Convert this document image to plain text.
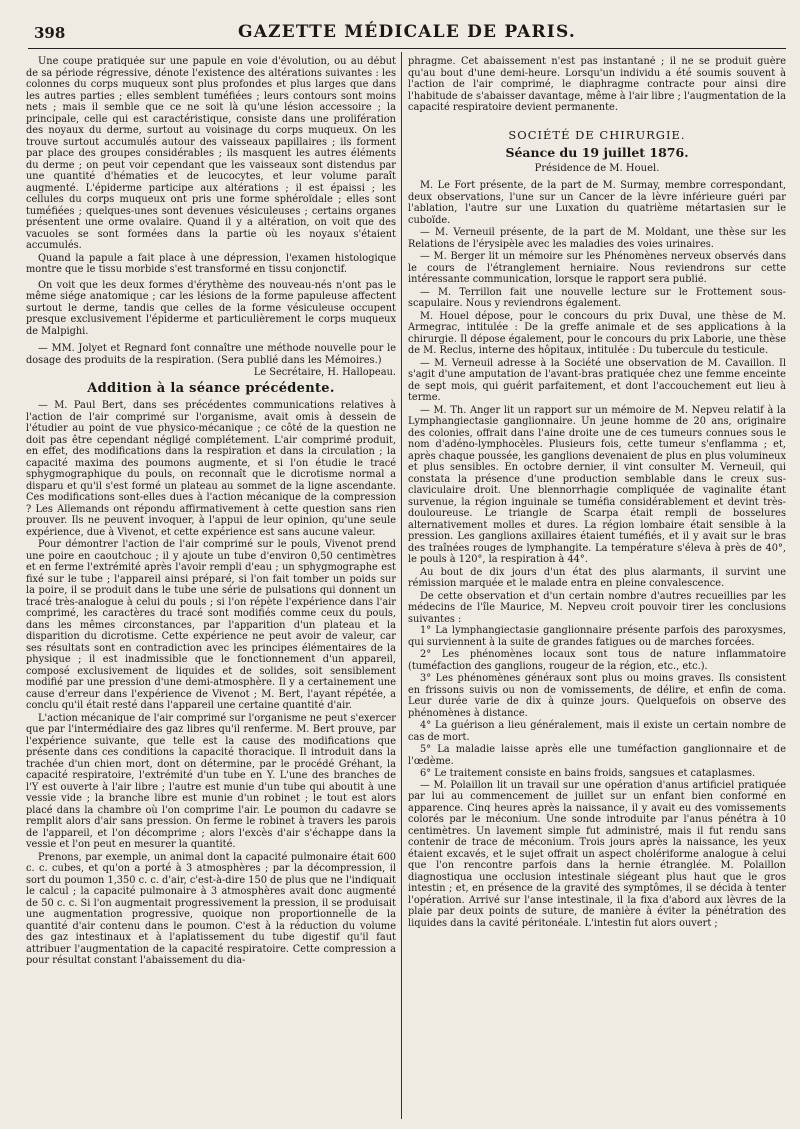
398	GAZETTE MÉDICALE DE PARIS.

Une coupe pratiquée sur une papule en voie d'évolution, ou au début de sa période régressive, dénote l'existence des altérations suivantes : les colonnes du corps muqueux sont plus profondes et plus larges que dans les autres parties ; elles semblent tuméfiées ; leurs contours sont moins nets ; mais il semble que ce ne soit là qu'une lésion accessoire ; la principale, celle qui est caractéristique, consiste dans une prolifération des noyaux du derme, surtout au voisinage du corps muqueux. On les trouve surtout accumulés autour des vaisseaux papillaires ; ils forment par place des groupes considérables ; ils masquent les autres éléments du derme ; on peut voir cependant que les vaisseaux sont distendus par une quantité d'hématies et de leucocytes, et leur volume paraît augmenté. L'épiderme participe aux altérations ; il est épaissi ; les cellules du corps muqueux ont pris une forme sphéroïdale ; elles sont tuméfiées ; quelques-unes sont devenues vésiculeuses ; certains organes présentent une orme ovalaire. Quand il y a altération, on voit que des vacuoles se sont formées dans la partie où les noyaux s'étaient accumulés.

Quand la papule a fait place à une dépression, l'examen histologique montre que le tissu morbide s'est transformé en tissu conjonctif.

On voit que les deux formes d'érythème des nouveau-nés n'ont pas le même siége anatomique ; car les lésions de la forme papuleuse affectent surtout le derme, tandis que celles de la forme vésiculeuse occupent presque exclusivement l'épiderme et particulièrement le corps muqueux de Malpighi.

— MM. Jolyet et Regnard font connaître une méthode nouvelle pour le dosage des produits de la respiration. (Sera publié dans les Mémoires.)

Le Secrétaire, H. Hallopeau.

Addition à la séance précédente.

— M. Paul Bert, dans ses précédentes communications relatives à l'action de l'air comprimé sur l'organisme, avait omis à dessein de l'étudier au point de vue physico-mécanique ; ce côté de la question ne doit pas être cependant négligé complétement. L'air comprimé produit, en effet, des modifications dans la respiration et dans la circulation ; la capacité maxima des poumons augmente, et si l'on étudie le tracé sphygmographique du pouls, on reconnaît que le dicrotisme normal a disparu et qu'il s'est formé un plateau au sommet de la ligne ascendante. Ces modifications sont-elles dues à l'action mécanique de la compression ? Les Allemands ont répondu affirmativement à cette question sans rien prouver. Ils ne peuvent invoquer, à l'appui de leur opinion, qu'une seule expérience, due à Vivenot, et cette expérience est sans aucune valeur.

Pour démontrer l'action de l'air comprimé sur le pouls, Vivenot prend une poire en caoutchouc ; il y ajoute un tube d'environ 0,50 centimètres et en ferme l'extrémité après l'avoir rempli d'eau ; un sphygmographe est fixé sur le tube ; l'appareil ainsi préparé, si l'on fait tomber un poids sur la poire, il se produit dans le tube une série de pulsations qui donnent un tracé très-analogue à celui du pouls ; si l'on répète l'expérience dans l'air comprimé, les caractères du tracé sont modifiés comme ceux du pouls, dans les mêmes circonstances, par l'apparition d'un plateau et la disparition du dicrotisme. Cette expérience ne peut avoir de valeur, car ses résultats sont en contradiction avec les principes élémentaires de la physique ; il est inadmissible que le fonctionnement d'un appareil, composé exclusivement de liquides et de solides, soit sensiblement modifié par une pression d'une demi-atmosphère. Il y a certainement une cause d'erreur dans l'expérience de Vivenot ; M. Bert, l'ayant répétée, a conclu qu'il était resté dans l'appareil une certaine quantité d'air.

L'action mécanique de l'air comprimé sur l'organisme ne peut s'exercer que par l'intermédiaire des gaz libres qu'il renferme. M. Bert prouve, par l'expérience suivante, que telle est la cause des modifications que présente dans ces conditions la capacité thoracique. Il introduit dans la trachée d'un chien mort, dont on détermine, par le procédé Gréhant, la capacité respiratoire, l'extrémité d'un tube en Y. L'une des branches de l'Y est ouverte à l'air libre ; l'autre est munie d'un tube qui aboutit à une vessie vide ; la branche libre est munie d'un robinet ; le tout est alors placé dans la chambre où l'on comprime l'air. Le poumon du cadavre se remplit alors d'air sans pression. On ferme le robinet à travers les parois de l'appareil, et l'on décomprime ; alors l'excès d'air s'échappe dans la vessie et l'on peut en mesurer la quantité.

Prenons, par exemple, un animal dont la capacité pulmonaire était 600 c. c. cubes, et qu'on a porté à 3 atmosphères ; par la décompression, il sort du poumon 1,350 c. c. d'air, c'est-à-dire 150 de plus que ne l'indiquait le calcul ; la capacité pulmonaire à 3 atmosphères avait donc augmenté de 50 c. c. Si l'on augmentait progressivement la pression, il se produisait une augmentation progressive, quoique non proportionnelle de la quantité d'air contenu dans le poumon. C'est à la réduction du volume des gaz intestinaux et à l'aplatissement du tube digestif qu'il faut attribuer l'augmentation de la capacité respiratoire. Cette compression a pour résultat constant l'abaissement du dia-

phragme. Cet abaissement n'est pas instantané ; il ne se produit guère qu'au bout d'une demi-heure. Lorsqu'un individu a été soumis souvent à l'action de l'air comprimé, le diaphragme contracte pour ainsi dire l'habitude de s'abaisser davantage, même à l'air libre ; l'augmentation de la capacité respiratoire devient permanente.

SOCIÉTÉ DE CHIRURGIE.
Séance du 19 juillet 1876.
Présidence de M. Houel.

M. Le Fort présente, de la part de M. Surmay, membre correspondant, deux observations, l'une sur un Cancer de la lèvre inférieure guéri par l'ablation, l'autre sur une Luxation du quatrième métartasien sur le cuboïde.

— M. Verneuil présente, de la part de M. Moldant, une thèse sur les Relations de l'érysipèle avec les maladies des voies urinaires.

— M. Berger lit un mémoire sur les Phénomènes nerveux observés dans le cours de l'étranglement herniaire. Nous reviendrons sur cette intéressante communication, lorsque le rapport sera publié.

— M. Terrillon fait une nouvelle lecture sur le Frottement sous-scapulaire. Nous y reviendrons également.

M. Houel dépose, pour le concours du prix Duval, une thèse de M. Armegrac, intitulée : De la greffe animale et de ses applications à la chirurgie. Il dépose également, pour le concours du prix Laborie, une thèse de M. Reclus, interne des hôpitaux, intitulée : Du tubercule du testicule.

— M. Verneuil adresse à la Société une observation de M. Cavaillon. Il s'agit d'une amputation de l'avant-bras pratiquée chez une femme enceinte de sept mois, qui guérit parfaitement, et dont l'accouchement eut lieu à terme.

— M. Th. Anger lit un rapport sur un mémoire de M. Nepveu relatif à la Lymphangiectasie ganglionnaire. Un jeune homme de 20 ans, originaire des colonies, offrait dans l'aine droite une de ces tumeurs connues sous le nom d'adéno-lymphocèles. Plusieurs fois, cette tumeur s'enflamma ; et, après chaque poussée, les ganglions devenaient de plus en plus volumineux et plus sensibles. En octobre dernier, il vint consulter M. Verneuil, qui constata la présence d'une production semblable dans le creux sus-claviculaire droit. Une blennorrhagie compliquée de vaginalite étant survenue, la région inguinale se tuméfia considérablement et devint très-douloureuse. Le triangle de Scarpa était rempli de bosselures alternativement molles et dures. La région lombaire était sensible à la pression. Les ganglions axillaires étaient tuméfiés, et il y avait sur le bras des traînées rouges de lymphangite. La température s'éleva à près de 40°, le pouls à 120°, la respiration à 44°.

Au bout de dix jours d'un état des plus alarmants, il survint une rémission marquée et le malade entra en pleine convalescence.

De cette observation et d'un certain nombre d'autres recueillies par les médecins de l'île Maurice, M. Nepveu croit pouvoir tirer les conclusions suivantes :

1° La lymphangiectasie ganglionnaire présente parfois des paroxysmes, qui surviennent à la suite de grandes fatigues ou de marches forcées.

2° Les phénomènes locaux sont tous de nature inflammatoire (tuméfaction des ganglions, rougeur de la région, etc., etc.).

3° Les phénomènes généraux sont plus ou moins graves. Ils consistent en frissons suivis ou non de vomissements, de délire, et enfin de coma. Leur durée varie de dix à quinze jours. Quelquefois on observe des phénomènes à distance.

4° La guérison a lieu généralement, mais il existe un certain nombre de cas de mort.

5° La maladie laisse après elle une tuméfaction ganglionnaire et de l'œdème.

6° Le traitement consiste en bains froids, sangsues et cataplasmes.

— M. Polaillon lit un travail sur une opération d'anus artificiel pratiquée par lui au commencement de juillet sur un enfant bien conformé en apparence. Cinq heures après la naissance, il y avait eu des vomissements colorés par le méconium. Une sonde introduite par l'anus pénétra à 10 centimètres. Un lavement simple fut administré, mais il fut rendu sans contenir de trace de méconium. Trois jours après la naissance, les yeux étaient excavés, et le sujet offrait un aspect cholériforme analogue à celui que l'on rencontre parfois dans la hernie étranglée. M. Polaillon diagnostiqua une occlusion intestinale siégeant plus haut que le gros intestin ; et, en présence de la gravité des symptômes, il se décida à tenter l'opération. Arrivé sur l'anse intestinale, il la fixa d'abord aux lèvres de la plaie par deux points de suture, de manière à éviter la pénétration des liquides dans la cavité péritonéale. L'intestin fut alors ouvert ;
